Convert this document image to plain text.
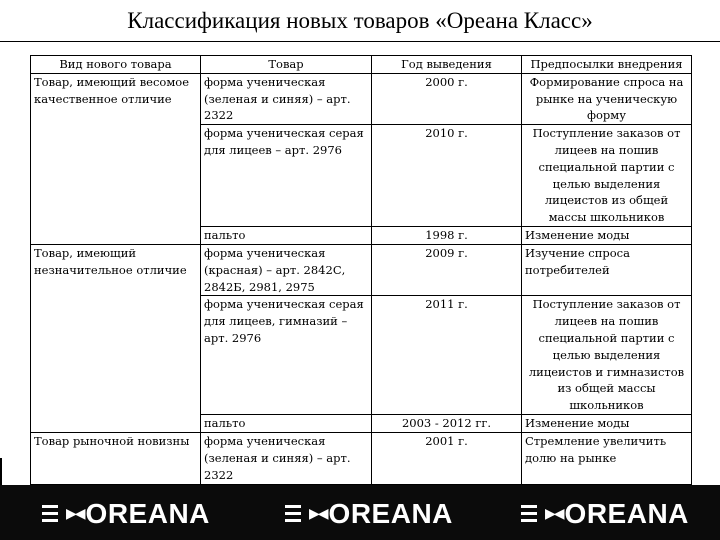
Классификация новых товаров «Ореана Класс»
Вид нового товара	Товар	Год выведения	Предпосылки внедрения
Товар, имеющий весомое качественное отличие	форма ученическая (зеленая и синяя) – арт. 2322	2000 г.	Формирование спроса на рынке на ученическую форму
	форма ученическая серая для лицеев – арт. 2976	2010 г.	Поступление заказов от лицеев на пошив специальной партии с целью выделения лицеистов из общей массы школьников
	пальто	1998 г.	Изменение моды
Товар, имеющий незначительное отличие	форма ученическая (красная) – арт. 2842С, 2842Б, 2981, 2975	2009 г.	Изучение спроса потребителей
	форма ученическая серая для лицеев, гимназий – арт. 2976	2011 г.	Поступление заказов от лицеев на пошив специальной партии с целью выделения лицеистов и гимназистов из общей массы школьников
	пальто	2003 - 2012 гг.	Изменение моды
Товар рыночной новизны	форма ученическая (зеленая и синяя) – арт. 2322	2001 г.	Стремление увеличить долю на рынке
▶◀ OREANA	▶◀ OREANA	▶◀ OREANA
